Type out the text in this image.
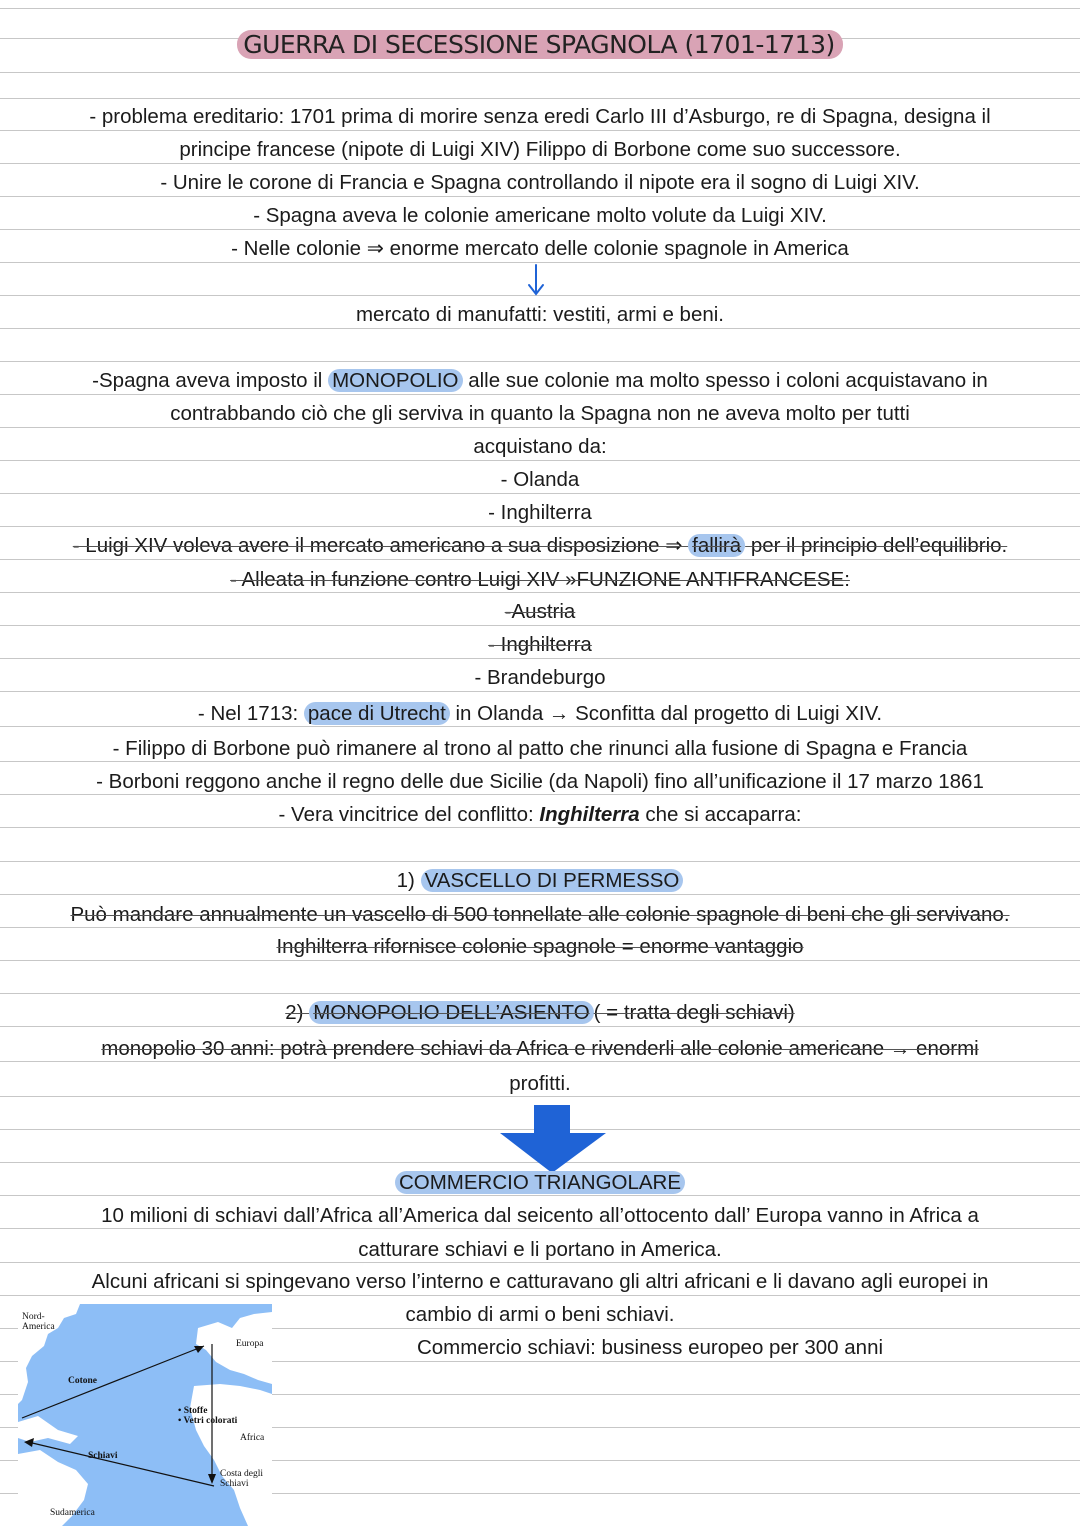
GUERRA DI SECESSIONE SPAGNOLA (1701-1713)
- problema ereditario: 1701 prima di morire senza eredi Carlo III d’Asburgo, re di Spagna, designa il
principe francese (nipote di Luigi XIV) Filippo di Borbone come suo successore.
- Unire le corone di Francia e Spagna controllando il nipote era il sogno di Luigi XIV.
- Spagna aveva le colonie americane molto volute da Luigi XIV.
- Nelle colonie ⇒ enorme mercato delle colonie spagnole in America
mercato di manufatti: vestiti, armi e beni.
-Spagna aveva imposto il MONOPOLIO alle sue colonie ma molto spesso i coloni acquistavano in
contrabbando ciò che gli serviva in quanto la Spagna non ne aveva molto per tutti
acquistano da:
- Olanda
- Inghilterra
- Luigi XIV voleva avere il mercato americano a sua disposizione ⇒ fallirà per il principio dell’equilibrio.
- Alleata in funzione contro Luigi XIV »FUNZIONE ANTIFRANCESE:
-Austria
- Inghilterra
- Brandeburgo
- Nel 1713: pace di Utrecht in Olanda → Sconfitta dal progetto di Luigi XIV.
- Filippo di Borbone può rimanere al trono al patto che rinunci alla fusione di Spagna e Francia
- Borboni reggono anche il regno delle due Sicilie (da Napoli) fino all’unificazione il 17 marzo 1861
- Vera vincitrice del conflitto: Inghilterra che si accaparra:
1) VASCELLO DI PERMESSO
Può mandare annualmente un vascello di 500 tonnellate alle colonie spagnole di beni che gli servivano.
Inghilterra rifornisce colonie spagnole = enorme vantaggio
2) MONOPOLIO DELL’ASIENTO ( = tratta degli schiavi)
monopolio 30 anni: potrà prendere schiavi da Africa e rivenderli alle colonie americane → enormi
profitti.
COMMERCIO TRIANGOLARE
10 milioni di schiavi dall’Africa all’America dal seicento all’ottocento dall’ Europa vanno in Africa a
catturare schiavi e li portano in America.
Alcuni africani si spingevano verso l’interno e catturavano gli altri africani e li davano agli europei in
cambio di armi o beni schiavi.
Commercio schiavi: business europeo per 300 anni
Nord-
America
Europa
Cotone
• Stoffe
• Vetri colorati
Africa
Schiavi
Costa degli
Schiavi
Sudamerica
